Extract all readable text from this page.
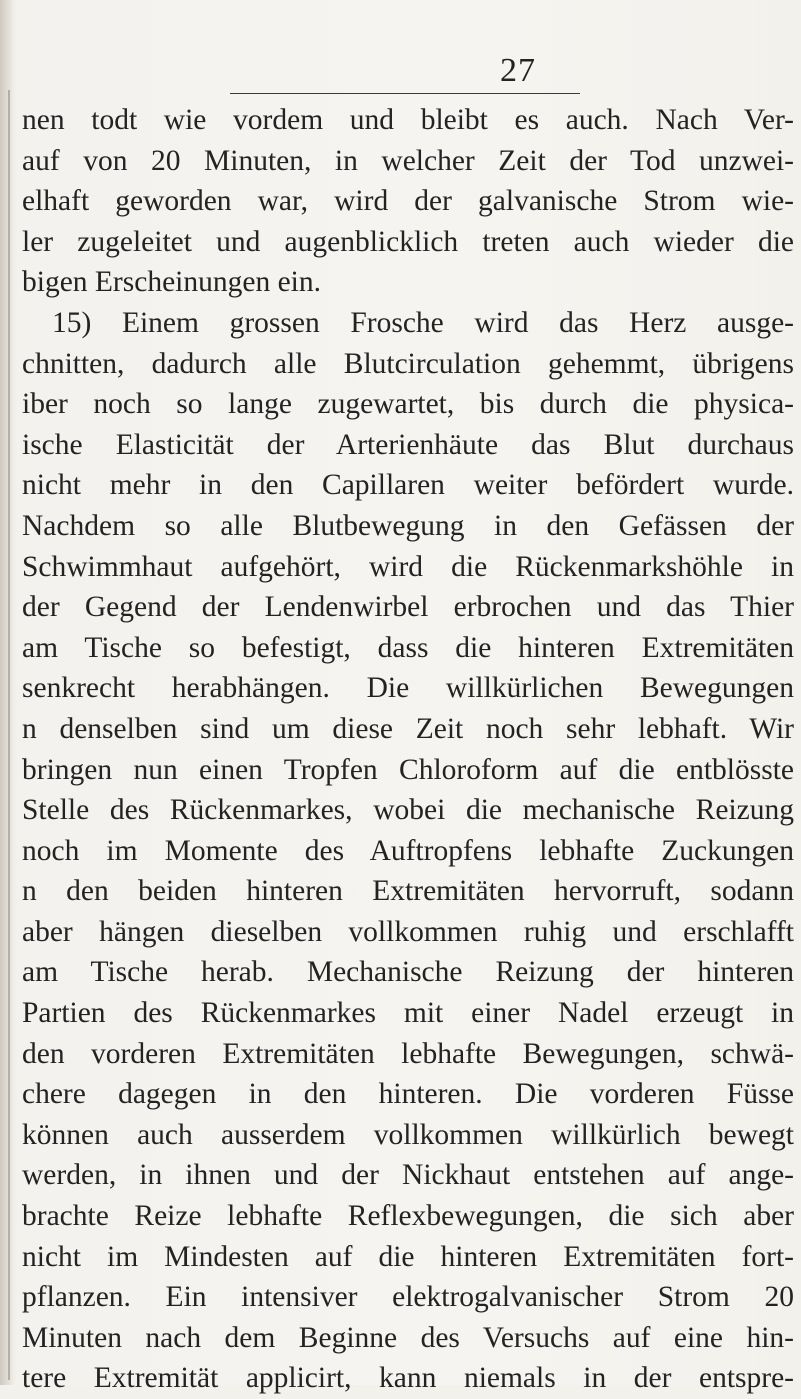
27
nen todt wie vordem und bleibt es auch. Nach Ver-
auf von 20 Minuten, in welcher Zeit der Tod unzwei-
elhaft geworden war, wird der galvanische Strom wie-
ler zugeleitet und augenblicklich treten auch wieder die
bigen Erscheinungen ein.
15) Einem grossen Frosche wird das Herz ausge-
chnitten, dadurch alle Blutcirculation gehemmt, übrigens
iber noch so lange zugewartet, bis durch die physica-
ische Elasticität der Arterienhäute das Blut durchaus
nicht mehr in den Capillaren weiter befördert wurde.
Nachdem so alle Blutbewegung in den Gefässen der
Schwimmhaut aufgehört, wird die Rückenmarkshöhle in
der Gegend der Lendenwirbel erbrochen und das Thier
am Tische so befestigt, dass die hinteren Extremitäten
senkrecht herabhängen. Die willkürlichen Bewegungen
n denselben sind um diese Zeit noch sehr lebhaft. Wir
bringen nun einen Tropfen Chloroform auf die entblösste
Stelle des Rückenmarkes, wobei die mechanische Reizung
noch im Momente des Auftropfens lebhafte Zuckungen
n den beiden hinteren Extremitäten hervorruft, sodann
aber hängen dieselben vollkommen ruhig und erschlafft
am Tische herab. Mechanische Reizung der hinteren
Partien des Rückenmarkes mit einer Nadel erzeugt in
den vorderen Extremitäten lebhafte Bewegungen, schwä-
chere dagegen in den hinteren. Die vorderen Füsse
können auch ausserdem vollkommen willkürlich bewegt
werden, in ihnen und der Nickhaut entstehen auf ange-
brachte Reize lebhafte Reflexbewegungen, die sich aber
nicht im Mindesten auf die hinteren Extremitäten fort-
pflanzen. Ein intensiver elektrogalvanischer Strom 20
Minuten nach dem Beginne des Versuchs auf eine hin-
tere Extremität applicirt, kann niemals in der entspre-
